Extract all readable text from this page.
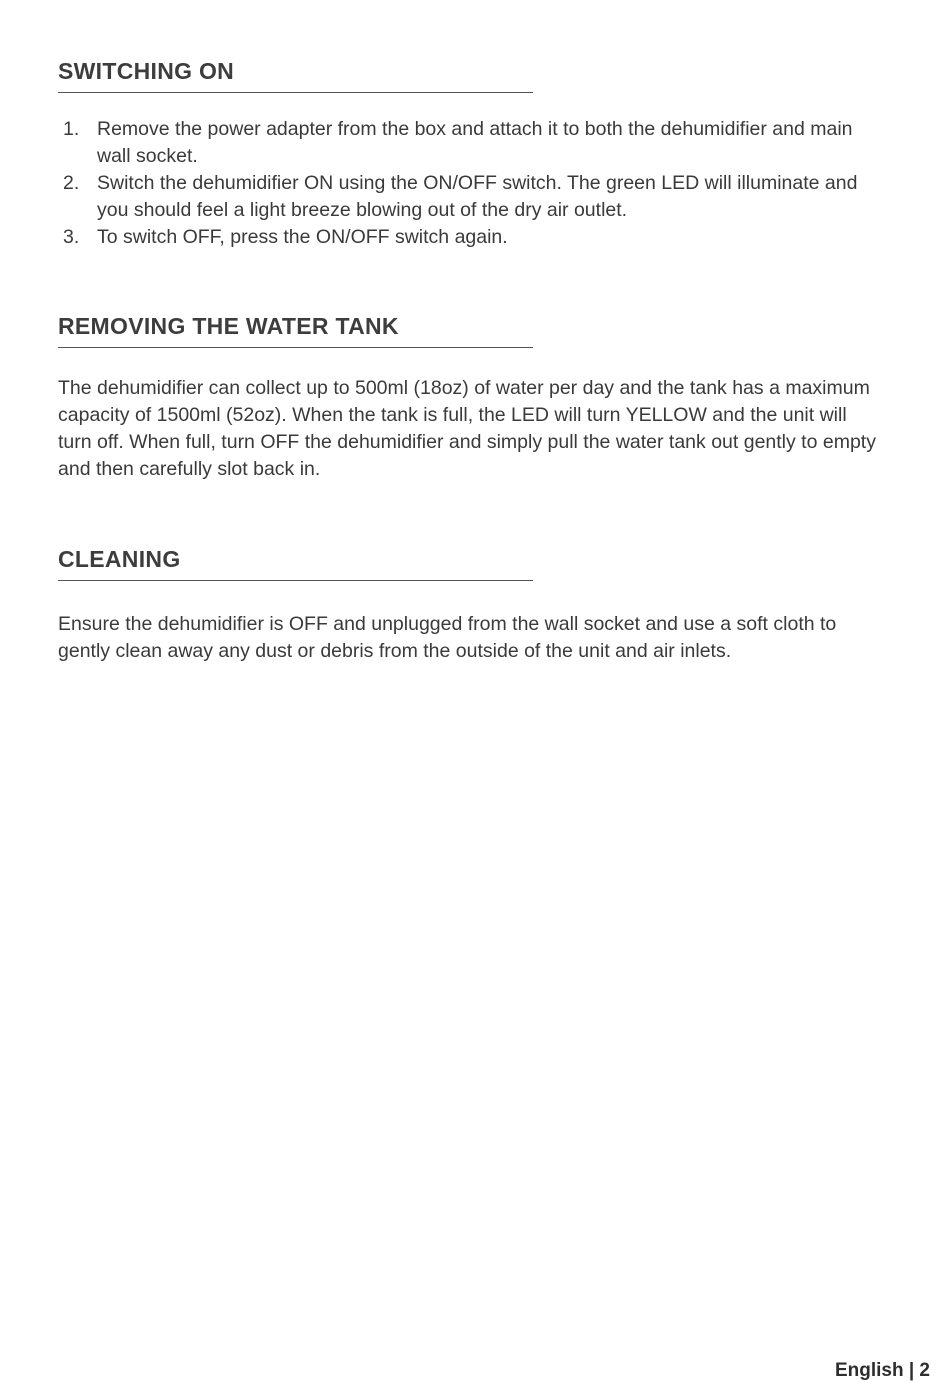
SWITCHING ON
1. Remove the power adapter from the box and attach it to both the dehumidifier and main wall socket.
2. Switch the dehumidifier ON using the ON/OFF switch. The green LED will illuminate and you should feel a light breeze blowing out of the dry air outlet.
3. To switch OFF, press the ON/OFF switch again.
REMOVING THE WATER TANK

The dehumidifier can collect up to 500ml (18oz) of water per day and the tank has a maximum capacity of 1500ml (52oz). When the tank is full, the LED will turn YELLOW and the unit will turn off. When full, turn OFF the dehumidifier and simply pull the water tank out gently to empty and then carefully slot back in.

CLEANING

Ensure the dehumidifier is OFF and unplugged from the wall socket and use a soft cloth to gently clean away any dust or debris from the outside of the unit and air inlets.

English | 2
